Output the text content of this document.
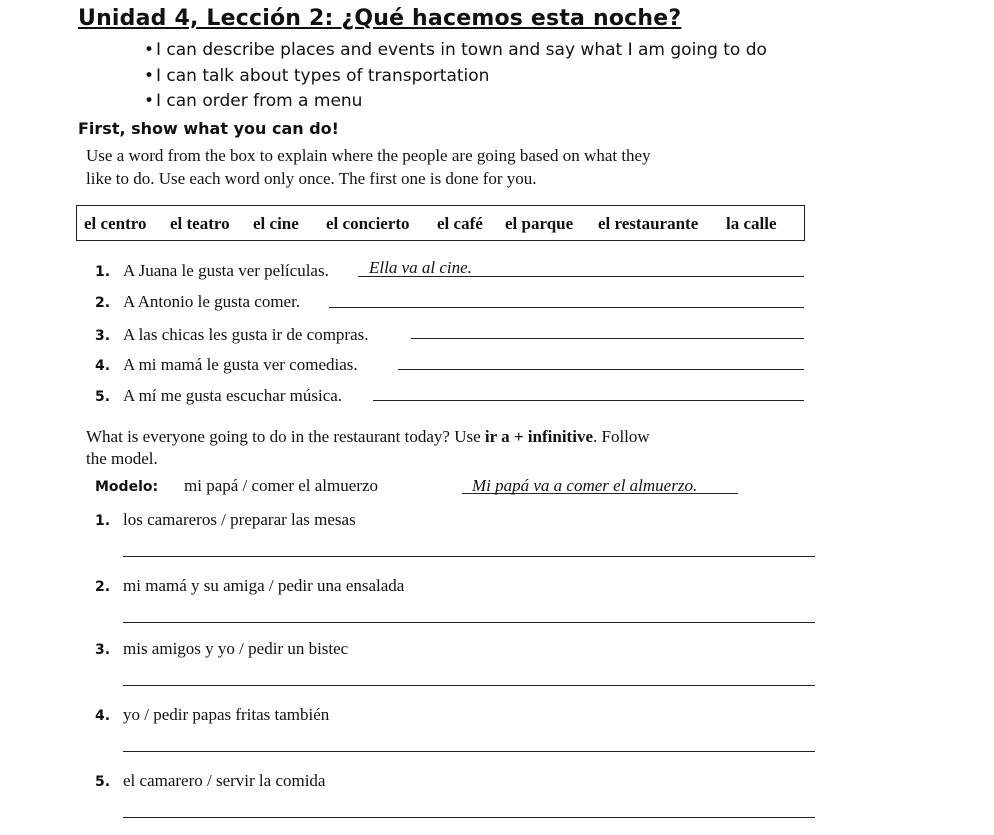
Unidad 4, Lección 2: ¿Qué hacemos esta noche?
• I can describe places and events in town and say what I am going to do
• I can talk about types of transportation
• I can order from a menu
First, show what you can do!
Use a word from the box to explain where the people are going based on what they
like to do. Use each word only once. The first one is done for you.
el centro el teatro el cine el concierto el café el parque el restaurante la calle
1. A Juana le gusta ver películas. Ella va al cine.
2. A Antonio le gusta comer.
3. A las chicas les gusta ir de compras.
4. A mi mamá le gusta ver comedias.
5. A mí me gusta escuchar música.
What is everyone going to do in the restaurant today? Use ir a + infinitive. Follow
the model.
Modelo: mi papá / comer el almuerzo	Mi papá va a comer el almuerzo.
1. los camareros / preparar las mesas
2. mi mamá y su amiga / pedir una ensalada
3. mis amigos y yo / pedir un bistec
4. yo / pedir papas fritas también
5. el camarero / servir la comida
